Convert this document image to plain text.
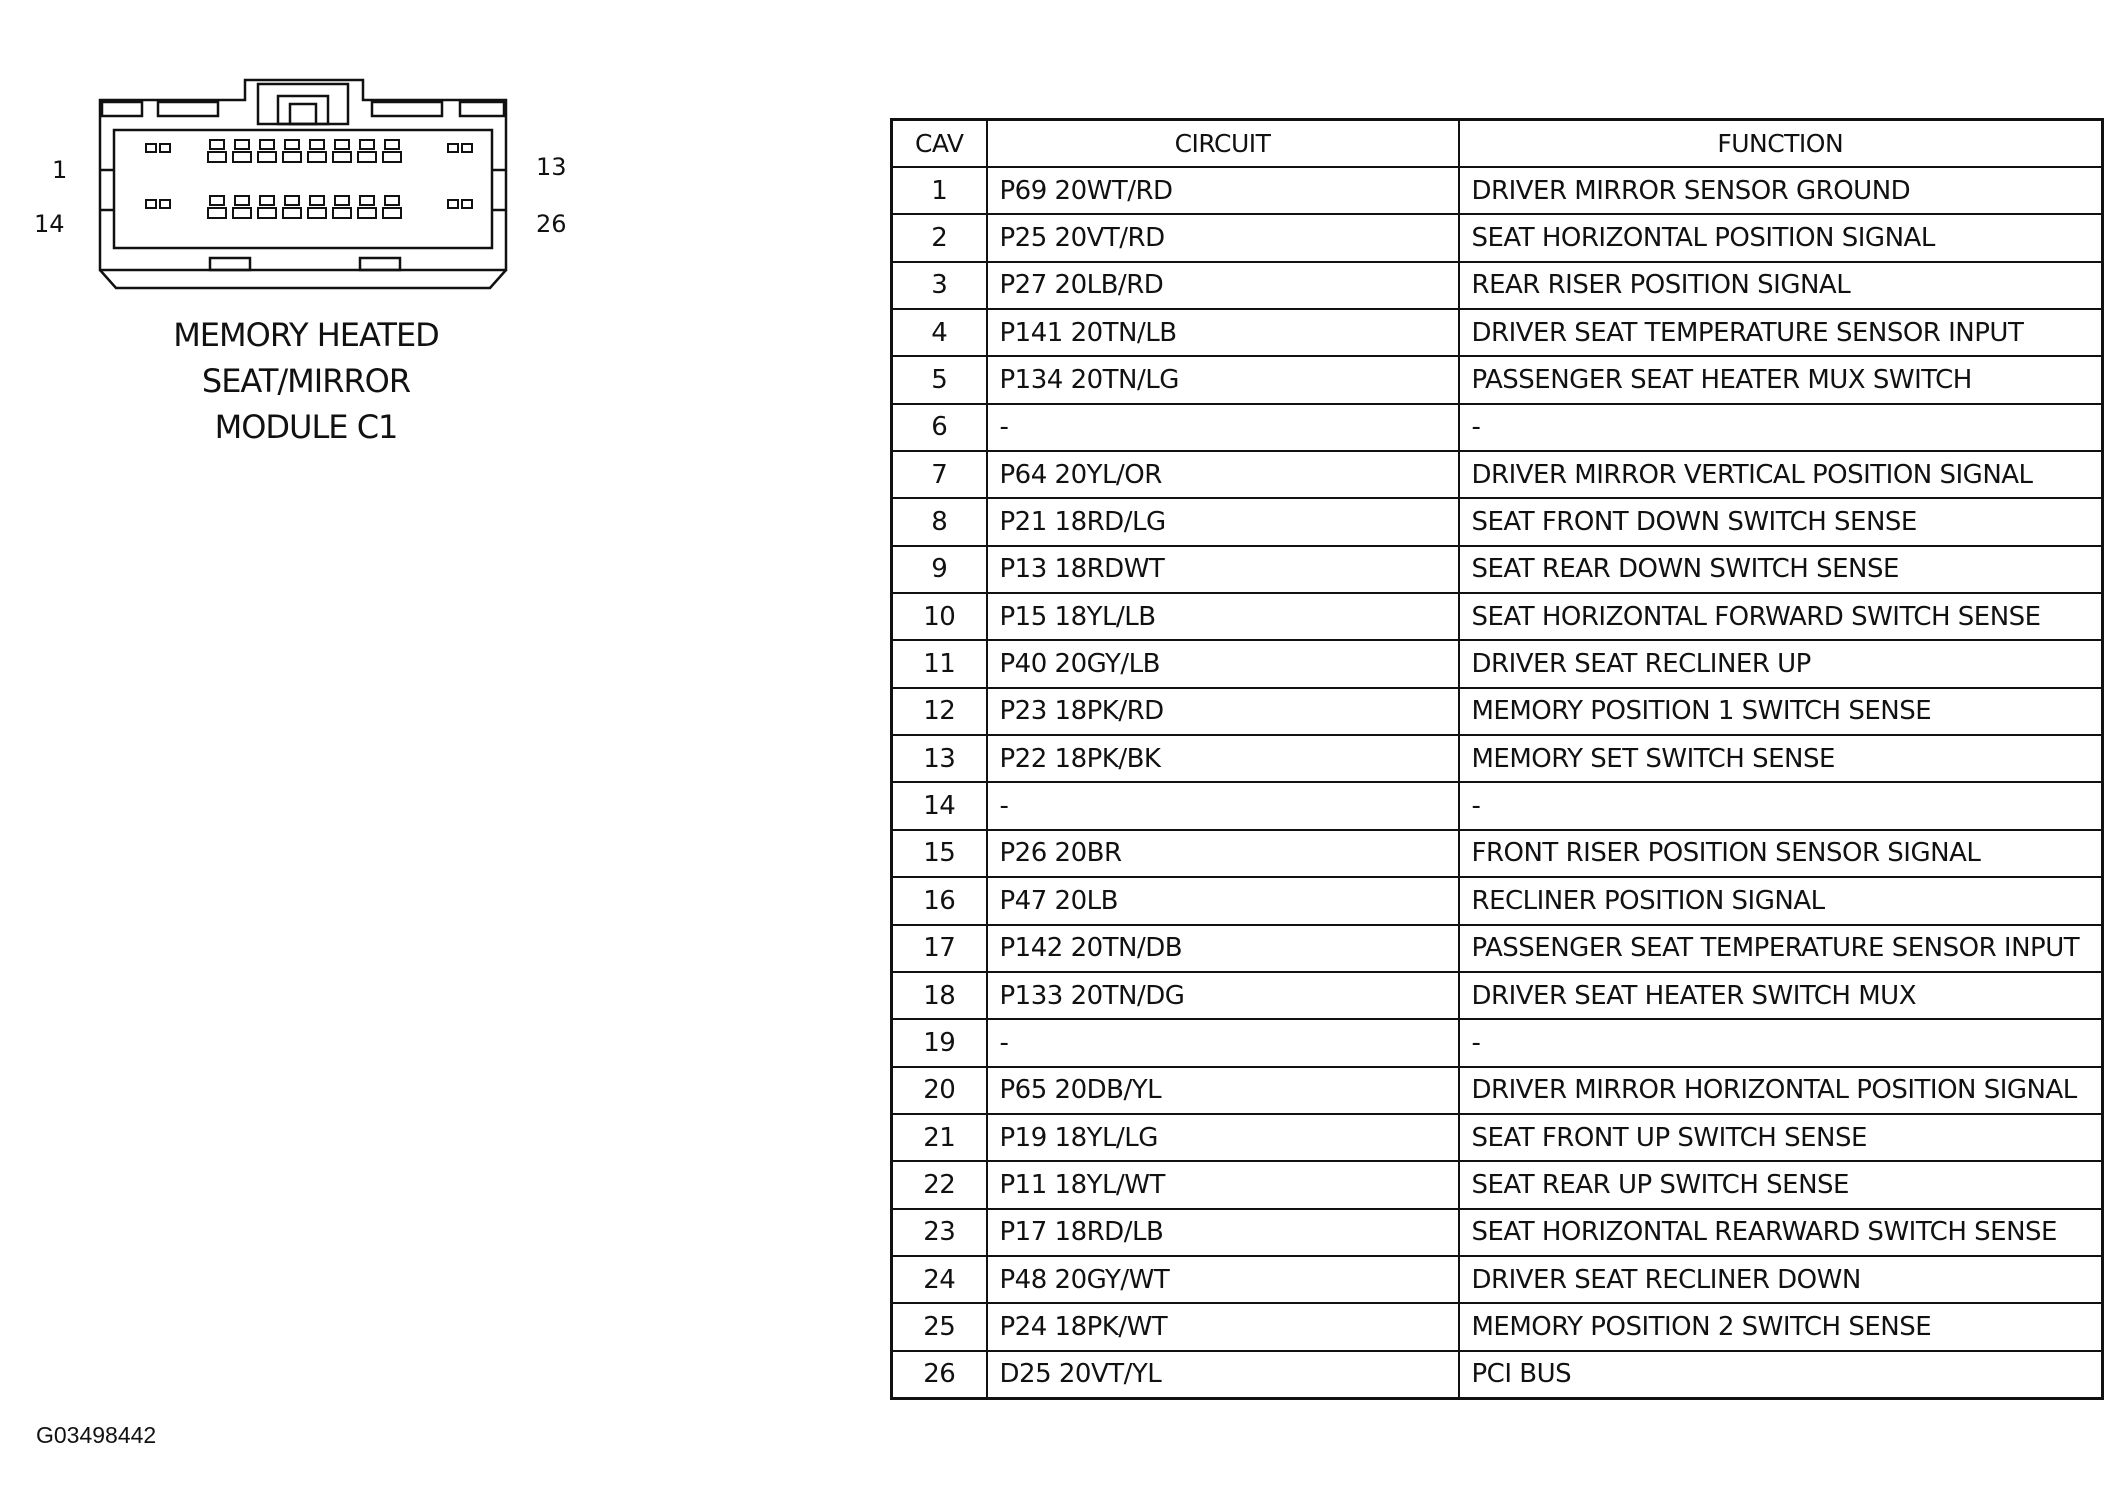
1
14
13
26
MEMORY HEATED
SEAT/MIRROR
MODULE C1
CAV	CIRCUIT	FUNCTION
1	P69 20WT/RD	DRIVER MIRROR SENSOR GROUND
2	P25 20VT/RD	SEAT HORIZONTAL POSITION SIGNAL
3	P27 20LB/RD	REAR RISER POSITION SIGNAL
4	P141 20TN/LB	DRIVER SEAT TEMPERATURE SENSOR INPUT
5	P134 20TN/LG	PASSENGER SEAT HEATER MUX SWITCH
6	-	-
7	P64 20YL/OR	DRIVER MIRROR VERTICAL POSITION SIGNAL
8	P21 18RD/LG	SEAT FRONT DOWN SWITCH SENSE
9	P13 18RDWT	SEAT REAR DOWN SWITCH SENSE
10	P15 18YL/LB	SEAT HORIZONTAL FORWARD SWITCH SENSE
11	P40 20GY/LB	DRIVER SEAT RECLINER UP
12	P23 18PK/RD	MEMORY POSITION 1 SWITCH SENSE
13	P22 18PK/BK	MEMORY SET SWITCH SENSE
14	-	-
15	P26 20BR	FRONT RISER POSITION SENSOR SIGNAL
16	P47 20LB	RECLINER POSITION SIGNAL
17	P142 20TN/DB	PASSENGER SEAT TEMPERATURE SENSOR INPUT
18	P133 20TN/DG	DRIVER SEAT HEATER SWITCH MUX
19	-	-
20	P65 20DB/YL	DRIVER MIRROR HORIZONTAL POSITION SIGNAL
21	P19 18YL/LG	SEAT FRONT UP SWITCH SENSE
22	P11 18YL/WT	SEAT REAR UP SWITCH SENSE
23	P17 18RD/LB	SEAT HORIZONTAL REARWARD SWITCH SENSE
24	P48 20GY/WT	DRIVER SEAT RECLINER DOWN
25	P24 18PK/WT	MEMORY POSITION 2 SWITCH SENSE
26	D25 20VT/YL	PCI BUS
G03498442
